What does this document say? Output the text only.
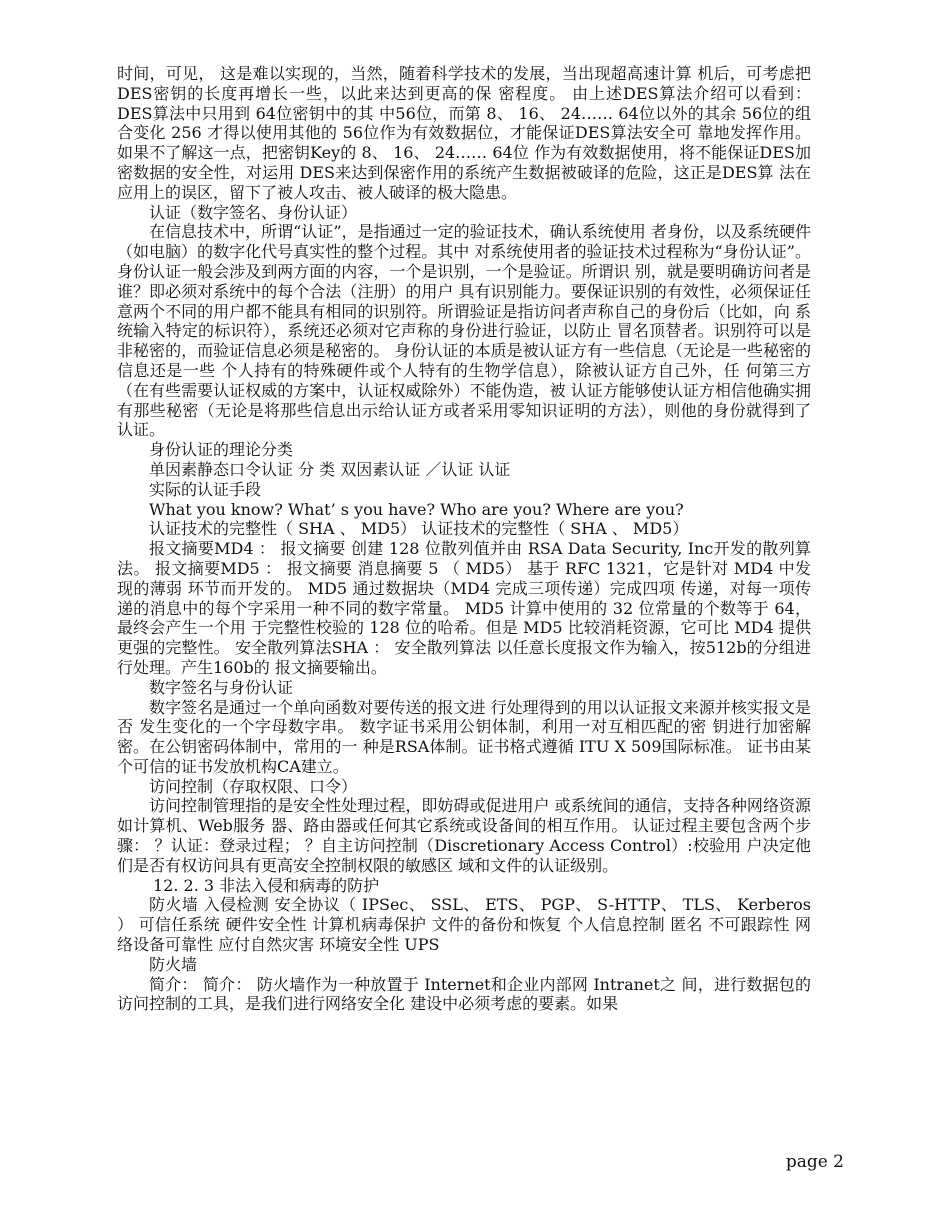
时间，可见， 这是难以实现的，当然，随着科学技术的发展，当出现超高速计算 机后，可考虑把DES密钥的长度再增长一些，以此来达到更高的保 密程度。 由上述DES算法介绍可以看到： DES算法中只用到 64位密钥中的其 中56位，而第 8、 16、 24…… 64位以外的其余 56位的组合变化 256 才得以使用其他的 56位作为有效数据位，才能保证DES算法安全可 靠地发挥作用。如果不了解这一点，把密钥Key的 8、 16、 24…… 64位 作为有效数据使用，将不能保证DES加密数据的安全性，对运用 DES来达到保密作用的系统产生数据被破译的危险，这正是DES算 法在应用上的误区，留下了被人攻击、被人破译的极大隐患。

认证（数字签名、身份认证）

在信息技术中，所谓“认证”，是指通过一定的验证技术，确认系统使用 者身份，以及系统硬件（如电脑）的数字化代号真实性的整个过程。其中 对系统使用者的验证技术过程称为“身份认证”。 身份认证一般会涉及到两方面的内容，一个是识别，一个是验证。所谓识 别，就是要明确访问者是谁？即必须对系统中的每个合法（注册）的用户 具有识别能力。要保证识别的有效性，必须保证任意两个不同的用户都不能具有相同的识别符。所谓验证是指访问者声称自己的身份后（比如，向 系统输入特定的标识符），系统还必须对它声称的身份进行验证，以防止 冒名顶替者。识别符可以是非秘密的，而验证信息必须是秘密的。 身份认证的本质是被认证方有一些信息（无论是一些秘密的信息还是一些 个人持有的特殊硬件或个人特有的生物学信息），除被认证方自己外，任 何第三方（在有些需要认证权威的方案中，认证权威除外）不能伪造，被 认证方能够使认证方相信他确实拥有那些秘密（无论是将那些信息出示给认证方或者采用零知识证明的方法），则他的身份就得到了认证。

身份认证的理论分类

单因素静态口令认证 分 类 双因素认证 ／认证 认证

实际的认证手段

What you know? What’ s you have? Who are you? Where are you?

认证技术的完整性（ SHA 、 MD5） 认证技术的完整性（ SHA 、 MD5）

报文摘要MD4 ： 报文摘要 创建 128 位散列值并由 RSA Data Security, Inc开发的散列算法。 报文摘要MD5 ： 报文摘要 消息摘要 5 （ MD5） 基于 RFC 1321，它是针对 MD4 中发现的薄弱 环节而开发的。 MD5 通过数据块（MD4 完成三项传递）完成四项 传递，对每一项传递的消息中的每个字采用一种不同的数字常量。 MD5 计算中使用的 32 位常量的个数等于 64，最终会产生一个用 于完整性校验的 128 位的哈希。但是 MD5 比较消耗资源，它可比 MD4 提供更强的完整性。 安全散列算法SHA ： 安全散列算法 以任意长度报文作为输入，按512b的分组进行处理。产生160b的 报文摘要输出。

数字签名与身份认证

数字签名是通过一个单向函数对要传送的报文进 行处理得到的用以认证报文来源并核实报文是否 发生变化的一个字母数字串。 数字证书采用公钥体制，利用一对互相匹配的密 钥进行加密解密。在公钥密码体制中，常用的一 种是RSA体制。证书格式遵循 ITU X 509国际标准。 证书由某个可信的证书发放机构CA建立。

访问控制（存取权限、口令）

访问控制管理指的是安全性处理过程，即妨碍或促进用户 或系统间的通信，支持各种网络资源如计算机、Web服务 器、路由器或任何其它系统或设备间的相互作用。 认证过程主要包含两个步骤： ？认证：登录过程； ？自主访问控制（Discretionary Access Control）:校验用 户决定他们是否有权访问具有更高安全控制权限的敏感区 域和文件的认证级别。

12. 2. 3 非法入侵和病毒的防护

防火墙 入侵检测 安全协议（ IPSec、 SSL、 ETS、 PGP、 S-HTTP、 TLS、 Kerberos ） 可信任系统 硬件安全性 计算机病毒保护 文件的备份和恢复 个人信息控制 匿名 不可跟踪性 网络设备可靠性 应付自然灾害 环境安全性 UPS

防火墙

简介： 简介： 防火墙作为一种放置于 Internet和企业内部网 Intranet之 间，进行数据包的访问控制的工具，是我们进行网络安全化 建设中必须考虑的要素。如果

page 2
